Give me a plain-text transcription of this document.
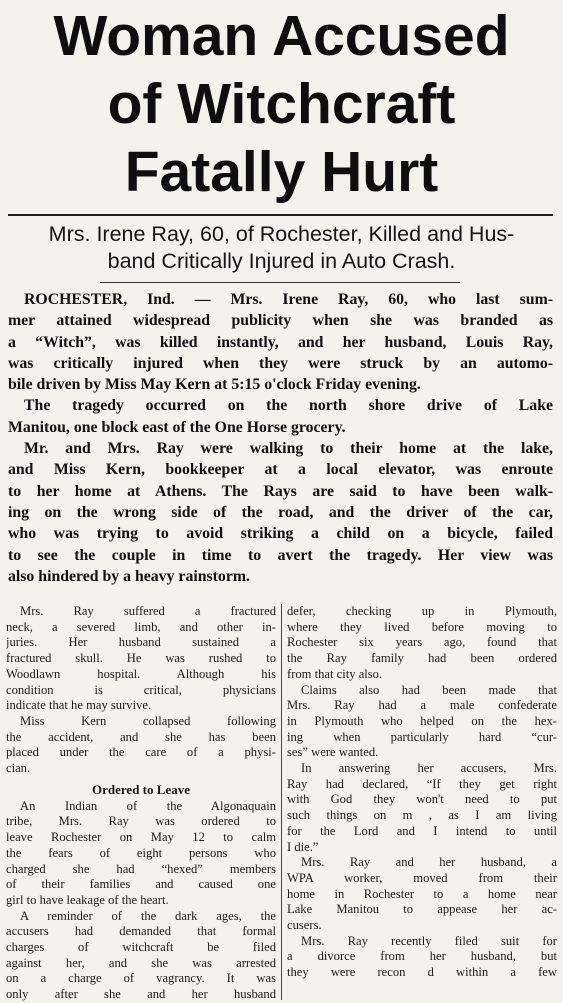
Woman Accused
of Witchcraft
Fatally Hurt
Mrs. Irene Ray, 60, of Rochester, Killed and Hus-
band Critically Injured in Auto Crash.
ROCHESTER, Ind. — Mrs. Irene Ray, 60, who last sum-
mer attained widespread publicity when she was branded as
a “Witch”, was killed instantly, and her husband, Louis Ray,
was critically injured when they were struck by an automo-
bile driven by Miss May Kern at 5:15 o'clock Friday evening.
The tragedy occurred on the north shore drive of Lake
Manitou, one block east of the One Horse grocery.
Mr. and Mrs. Ray were walking to their home at the lake,
and Miss Kern, bookkeeper at a local elevator, was enroute
to her home at Athens. The Rays are said to have been walk-
ing on the wrong side of the road, and the driver of the car,
who was trying to avoid striking a child on a bicycle, failed
to see the couple in time to avert the tragedy. Her view was
also hindered by a heavy rainstorm.
Mrs. Ray suffered a fractured
neck, a severed limb, and other in-
juries. Her husband sustained a
fractured skull. He was rushed to
Woodlawn hospital. Although his
condition is critical, physicians
indicate that he may survive.
Miss Kern collapsed following
the accident, and she has been
placed under the care of a physi-
cian.
Ordered to Leave
An Indian of the Algonaquain
tribe, Mrs. Ray was ordered to
leave Rochester on May 12 to calm
the fears of eight persons who
charged she had “hexed” members
of their families and caused one
girl to have leakage of the heart.
A reminder of the dark ages, the
accusers had demanded that formal
charges of witchcraft be filed
against her, and she was arrested
on a charge of vagrancy. It was
only after she and her husband
defer, checking up in Plymouth,
where they lived before moving to
Rochester six years ago, found that
the Ray family had been ordered
from that city also.
Claims also had been made that
Mrs. Ray had a male confederate
in Plymouth who helped on the hex-
ing when particularly hard “cur-
ses” were wanted.
In answering her accusers, Mrs.
Ray had declared, “If they get right
with God they won't need to put
such things on m , as I am living
for the Lord and I intend to until
I die.”
Mrs. Ray and her husband, a
WPA worker, moved from their
home in Rochester to a home near
Lake Manitou to appease her ac-
cusers.
Mrs. Ray recently filed suit for
a divorce from her husband, but
they were recon d within a few
